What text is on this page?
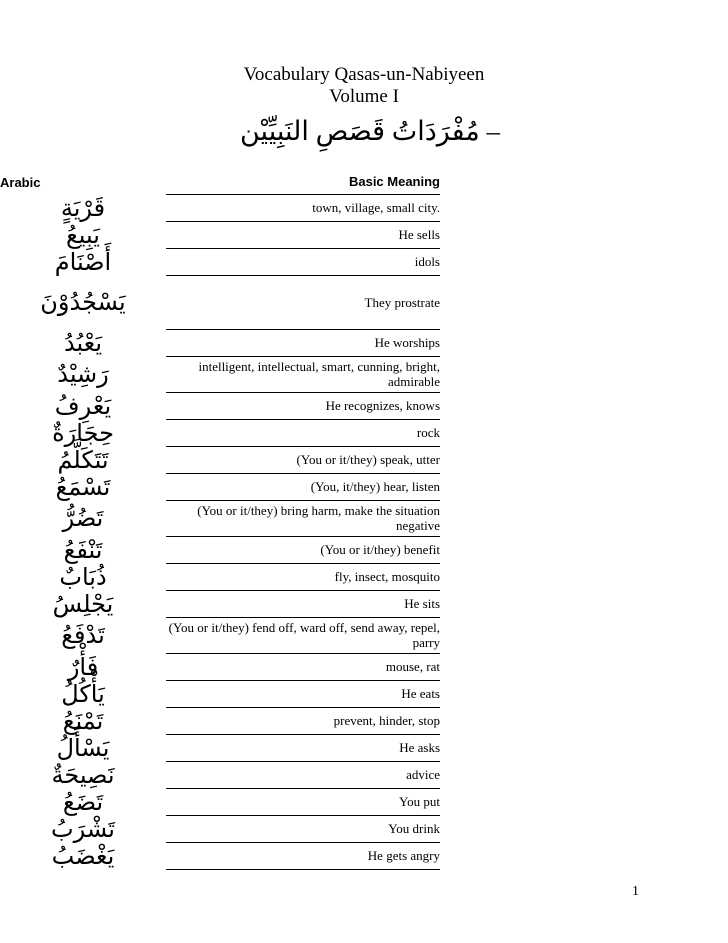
Vocabulary Qasas-un-Nabiyeen
Volume I
– مُفْرَدَاتُ قَصَصِ النَبِيِّيْن
Arabic	Basic Meaning
قَرْيَةٍ	town, village, small city.
يَبِيعُ	He sells
أَصْنَامَ	idols
يَسْجُدُوْنَ	They prostrate
يَعْبُدُ	He worships
رَشِيْدٌ	intelligent, intellectual, smart, cunning, bright, admirable
يَعْرِفُ	He recognizes, knows
حِجَارَةٌ	rock
تَتَكَلَّمُ	(You or it/they) speak, utter
تَسْمَعُ	(You, it/they) hear, listen
تَضُرُّ	(You or it/they) bring harm, make the situation negative
تَنْفَعُ	(You or it/they) benefit
ذُبَابٌ	fly, insect, mosquito
يَجْلِسُ	He sits
تَدْفَعُ	(You or it/they) fend off, ward off, send away, repel, parry
فَأْرٌ	mouse, rat
يَأْكُلُ	He eats
تَمْنَعُ	prevent, hinder, stop
يَسْأَلُ	He asks
نَصِيحَةٌ	advice
تَضَعُ	You put
تَشْرَبُ	You drink
يَغْضَبُ	He gets angry
1
